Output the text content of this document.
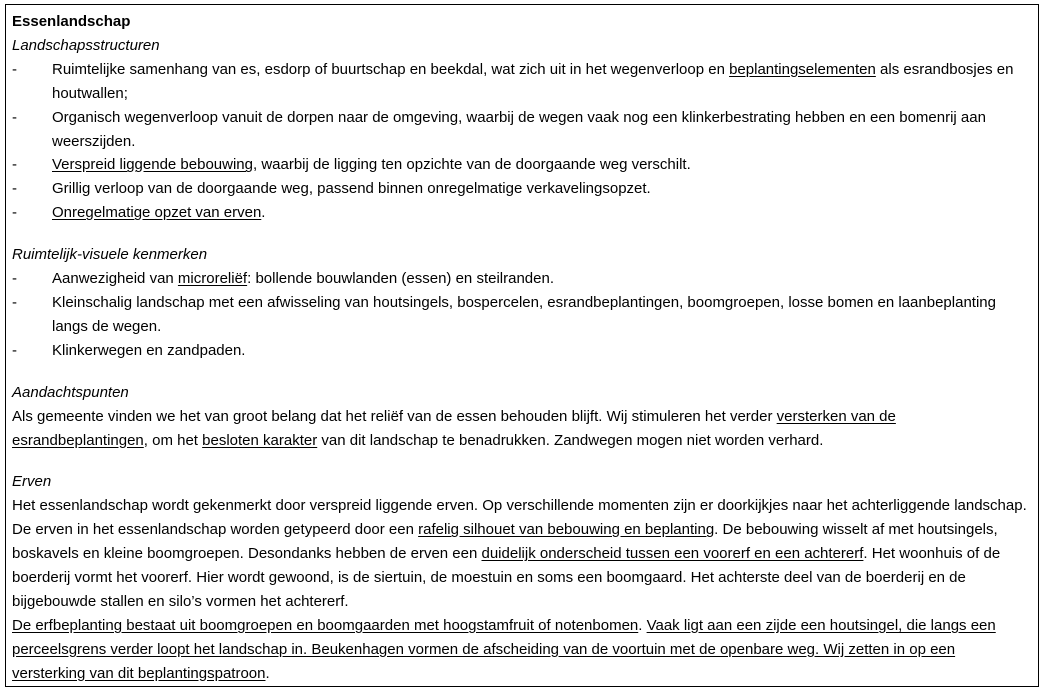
Essenlandschap
Landschapsstructuren
- Ruimtelijke samenhang van es, esdorp of buurtschap en beekdal, wat zich uit in het wegenverloop en beplantingselementen als esrandbosjes en houtwallen;
- Organisch wegenverloop vanuit de dorpen naar de omgeving, waarbij de wegen vaak nog een klinkerbestrating hebben en een bomenrij aan weerszijden.
- Verspreid liggende bebouwing, waarbij de ligging ten opzichte van de doorgaande weg verschilt.
- Grillig verloop van de doorgaande weg, passend binnen onregelmatige verkavelingsopzet.
- Onregelmatige opzet van erven.
Ruimtelijk-visuele kenmerken
- Aanwezigheid van microreliëf: bollende bouwlanden (essen) en steilranden.
- Kleinschalig landschap met een afwisseling van houtsingels, bospercelen, esrandbeplantingen, boomgroepen, losse bomen en laanbeplanting langs de wegen.
- Klinkerwegen en zandpaden.
Aandachtspunten
Als gemeente vinden we het van groot belang dat het reliëf van de essen behouden blijft. Wij stimuleren het verder versterken van de esrandbeplantingen, om het besloten karakter van dit landschap te benadrukken. Zandwegen mogen niet worden verhard.
Erven
Het essenlandschap wordt gekenmerkt door verspreid liggende erven. Op verschillende momenten zijn er doorkijkjes naar het achterliggende landschap. De erven in het essenlandschap worden getypeerd door een rafelig silhouet van bebouwing en beplanting. De bebouwing wisselt af met houtsingels, boskavels en kleine boomgroepen. Desondanks hebben de erven een duidelijk onderscheid tussen een voorerf en een achtererf. Het woonhuis of de boerderij vormt het voorerf. Hier wordt gewoond, is de siertuin, de moestuin en soms een boomgaard. Het achterste deel van de boerderij en de bijgebouwde stallen en silo’s vormen het achtererf.
De erfbeplanting bestaat uit boomgroepen en boomgaarden met hoogstamfruit of notenbomen. Vaak ligt aan een zijde een houtsingel, die langs een perceelsgrens verder loopt het landschap in. Beukenhagen vormen de afscheiding van de voortuin met de openbare weg. Wij zetten in op een versterking van dit beplantingspatroon.
